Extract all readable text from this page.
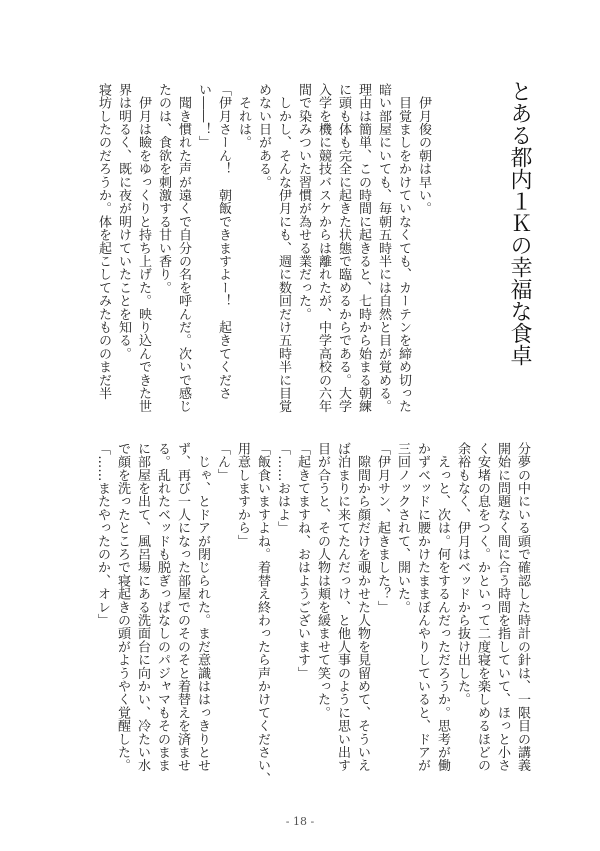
とある都内１Ｋの幸福な食卓
　伊月俊の朝は早い。
　目覚ましをかけていなくても、カーテンを締め切った
暗い部屋にいても、毎朝五時半には自然と目が覚める。
理由は簡単、この時間に起きると、七時から始まる朝練
に頭も体も完全に起きた状態で臨めるからである。大学
入学を機に競技バスケからは離れたが、中学高校の六年
間で染みついた習慣が為せる業だった。
　しかし、そんな伊月にも、週に数回だけ五時半に目覚
めない日がある。
　それは。
「伊月さーん！　朝飯できますよー！　起きてくださ
い――！」
　聞き慣れた声が遠くで自分の名を呼んだ。次いで感じ
たのは、食欲を刺激する甘い香り。
　伊月は瞼をゆっくりと持ち上げた。映り込んできた世
界は明るく、既に夜が明けていたことを知る。
寝坊したのだろうか。体を起こしてみたもののまだ半
分夢の中にいる頭で確認した時計の針は、一限目の講義
開始に問題なく間に合う時間を指していて、ほっと小さ
く安堵の息をつく。かといって二度寝を楽しめるほどの
余裕もなく、伊月はベッドから抜け出した。
　えっと、次は。何をするんだっただろうか。思考が働
かずベッドに腰かけたままぼんやりしていると、ドアが
三回ノックされて、開いた。
「伊月サン、起きました？」
　隙間から顔だけを覗かせた人物を見留めて、そういえ
ば泊まりに来てたんだっけ、と他人事のように思い出す
目が合うと、その人物は頬を緩ませて笑った。
「起きてますね、おはようございます」
「……おはよ」
「飯食いますよね。着替え終わったら声かけてください、
用意しますから」
「ん」
　じゃ、とドアが閉じられた。まだ意識ははっきりとせ
ず、再び一人になった部屋でのそのそと着替えを済ませ
る。乱れたベッドも脱ぎっぱなしのパジャマもそのまま
に部屋を出て、風呂場にある洗面台に向かい、冷たい水
で顔を洗ったところで寝起きの頭がようやく覚醒した。
「……またやったのか、オレ」
- 18 -
